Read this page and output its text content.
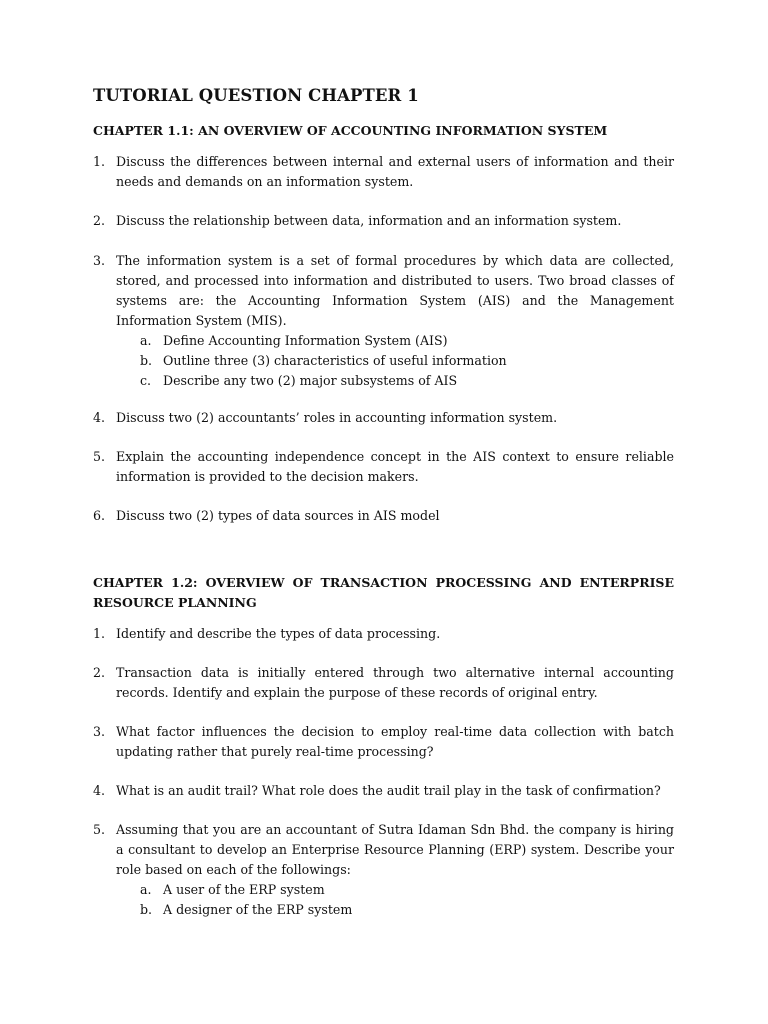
TUTORIAL QUESTION CHAPTER 1
CHAPTER 1.1: AN OVERVIEW OF ACCOUNTING INFORMATION SYSTEM
1. Discuss the differences between internal and external users of information and their needs and demands on an information system.
2. Discuss the relationship between data, information and an information system.
3. The information system is a set of formal procedures by which data are collected, stored, and processed into information and distributed to users. Two broad classes of systems are: the Accounting Information System (AIS) and the Management Information System (MIS).
a. Define Accounting Information System (AIS)
b. Outline three (3) characteristics of useful information
c. Describe any two (2) major subsystems of AIS
4. Discuss two (2) accountants’ roles in accounting information system.
5. Explain the accounting independence concept in the AIS context to ensure reliable information is provided to the decision makers.
6. Discuss two (2) types of data sources in AIS model
CHAPTER 1.2: OVERVIEW OF TRANSACTION PROCESSING AND ENTERPRISE RESOURCE PLANNING
1. Identify and describe the types of data processing.
2. Transaction data is initially entered through two alternative internal accounting records. Identify and explain the purpose of these records of original entry.
3. What factor influences the decision to employ real-time data collection with batch updating rather that purely real-time processing?
4. What is an audit trail? What role does the audit trail play in the task of confirmation?
5. Assuming that you are an accountant of Sutra Idaman Sdn Bhd. the company is hiring a consultant to develop an Enterprise Resource Planning (ERP) system. Describe your role based on each of the followings:
a. A user of the ERP system
b. A designer of the ERP system
